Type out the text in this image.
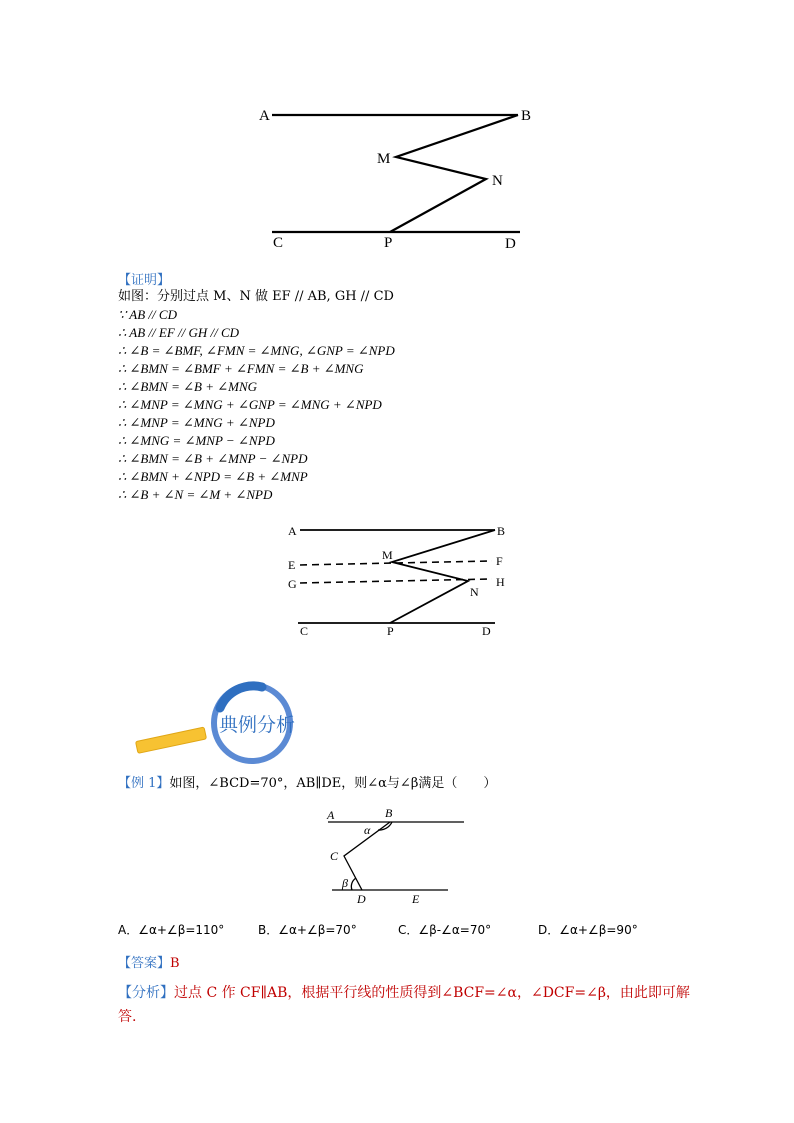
A	B
M
N
C	P	D
【证明】
如图：分别过点 M、N 做 EF // AB, GH // CD
∵ AB // CD
∴ AB // EF // GH // CD
∴ ∠B = ∠BMF, ∠FMN = ∠MNG, ∠GNP = ∠NPD
∴ ∠BMN = ∠BMF + ∠FMN = ∠B + ∠MNG
∴ ∠BMN = ∠B + ∠MNG
∴ ∠MNP = ∠MNG + ∠GNP = ∠MNG + ∠NPD
∴ ∠MNP = ∠MNG + ∠NPD
∴ ∠MNG = ∠MNP − ∠NPD
∴ ∠BMN = ∠B + ∠MNP − ∠NPD
∴ ∠BMN + ∠NPD = ∠B + ∠MNP
∴ ∠B + ∠N = ∠M + ∠NPD
A	B
E
M	F
G	H
N
C	P	D
典例分析
【例 1】如图，∠BCD=70°，AB∥DE，则∠α与∠β满足（　　）
A	B
α
C
β
D	E
A．∠α+∠β=110°	B．∠α+∠β=70°	C．∠β-∠α=70°	D．∠α+∠β=90°
【答案】B
【分析】过点 C 作 CF∥AB，根据平行线的性质得到∠BCF=∠α，∠DCF=∠β，由此即可解
答.
